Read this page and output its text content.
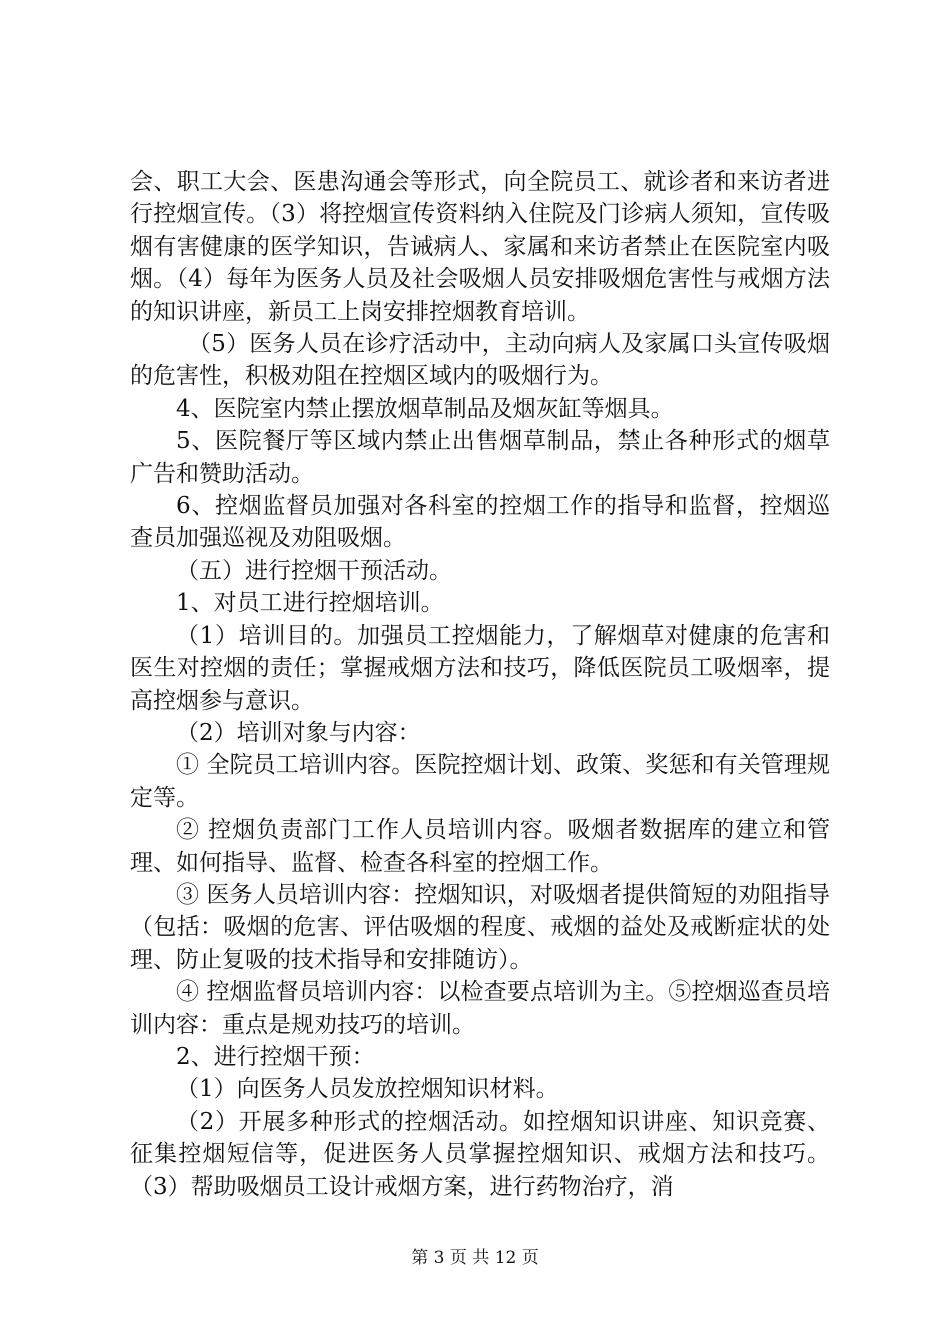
会、职工大会、医患沟通会等形式，向全院员工、就诊者和来访者进行控烟宣传。（3）将控烟宣传资料纳入住院及门诊病人须知，宣传吸烟有害健康的医学知识，告诫病人、家属和来访者禁止在医院室内吸烟。（4）每年为医务人员及社会吸烟人员安排吸烟危害性与戒烟方法的知识讲座，新员工上岗安排控烟教育培训。

（5）医务人员在诊疗活动中，主动向病人及家属口头宣传吸烟的危害性，积极劝阻在控烟区域内的吸烟行为。

4、医院室内禁止摆放烟草制品及烟灰缸等烟具。

5、医院餐厅等区域内禁止出售烟草制品，禁止各种形式的烟草广告和赞助活动。

6、控烟监督员加强对各科室的控烟工作的指导和监督，控烟巡查员加强巡视及劝阻吸烟。

（五）进行控烟干预活动。

1、对员工进行控烟培训。

（1）培训目的。加强员工控烟能力，了解烟草对健康的危害和医生对控烟的责任；掌握戒烟方法和技巧，降低医院员工吸烟率，提高控烟参与意识。

（2）培训对象与内容：

① 全院员工培训内容。医院控烟计划、政策、奖惩和有关管理规定等。

② 控烟负责部门工作人员培训内容。吸烟者数据库的建立和管理、如何指导、监督、检查各科室的控烟工作。

③ 医务人员培训内容：控烟知识，对吸烟者提供简短的劝阻指导（包括：吸烟的危害、评估吸烟的程度、戒烟的益处及戒断症状的处理、防止复吸的技术指导和安排随访）。

④ 控烟监督员培训内容：以检查要点培训为主。⑤控烟巡查员培训内容：重点是规劝技巧的培训。

2、进行控烟干预：

（1）向医务人员发放控烟知识材料。

（2）开展多种形式的控烟活动。如控烟知识讲座、知识竞赛、征集控烟短信等，促进医务人员掌握控烟知识、戒烟方法和技巧。（3）帮助吸烟员工设计戒烟方案，进行药物治疗，消

第 3 页 共 12 页
